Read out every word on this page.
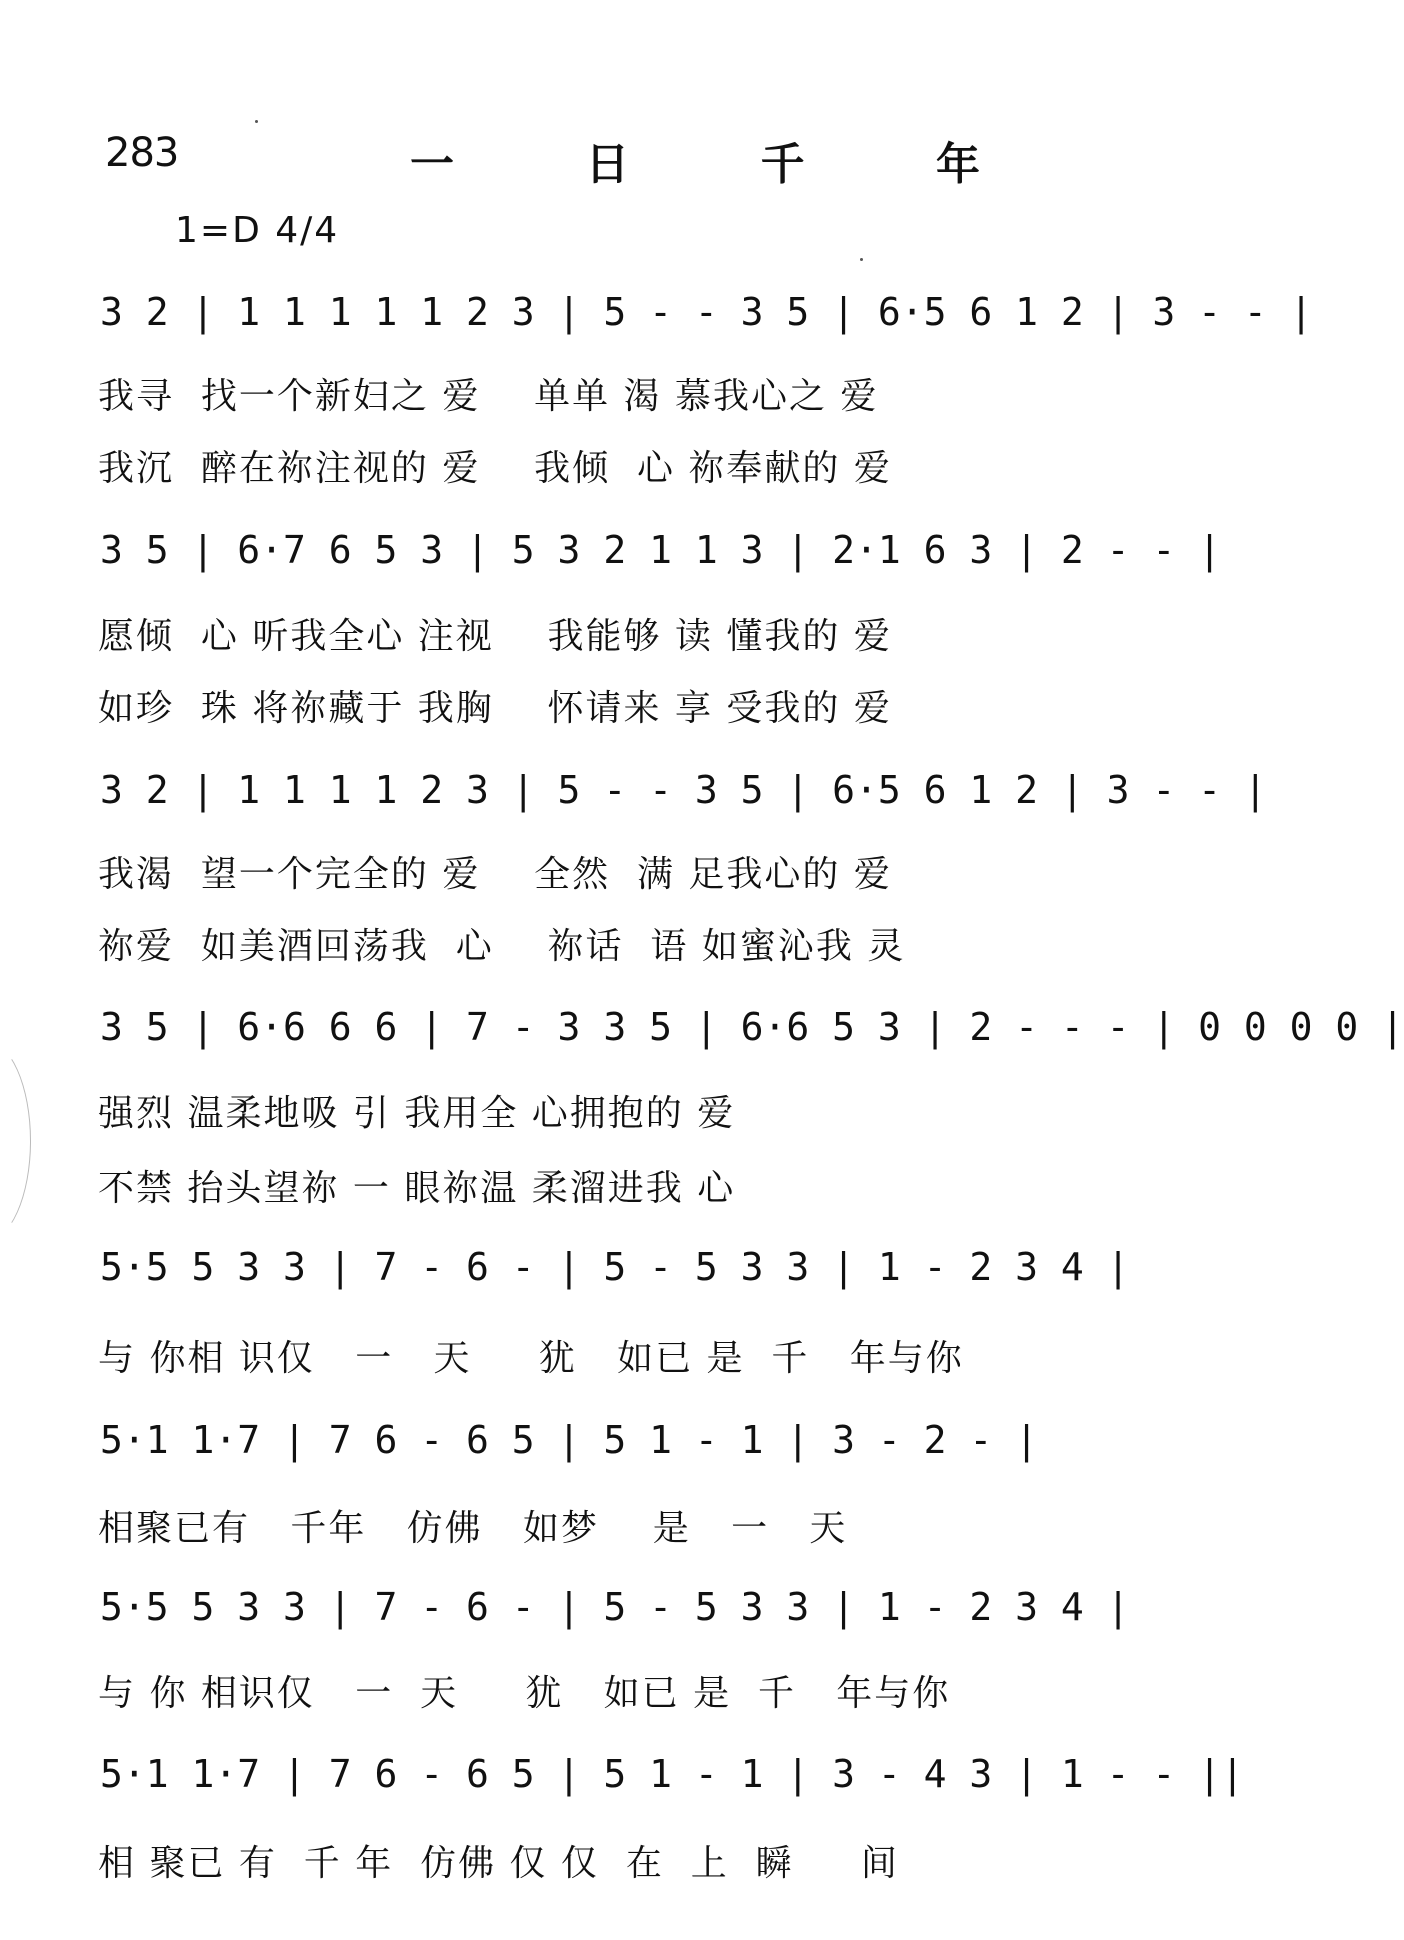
283	一 日 千 年
1=D 4/4
3 2 | 1 1 1 1 1 2 3 | 5 - - 3 5 | 6·5 6 1 2 | 3 - - |
我寻  找一个新妇之 爱    单单 渴 慕我心之 爱
我沉  醉在祢注视的 爱    我倾  心 祢奉献的 爱
3 5 | 6·7 6 5 3 | 5 3 2 1 1 3 | 2·1 6 3 | 2 - - |
愿倾  心 听我全心 注视    我能够 读 懂我的 爱
如珍  珠 将祢藏于 我胸    怀请来 享 受我的 爱
3 2 | 1 1 1 1 2 3 | 5 - - 3 5 | 6·5 6 1 2 | 3 - - |
我渴  望一个完全的 爱    全然  满 足我心的 爱
祢爱  如美酒回荡我  心    祢话  语 如蜜沁我 灵
3 5 | 6·6 6 6 | 7 - 3 3 5 | 6·6 5 3 | 2 - - - | 0 0 0 0 |
强烈 温柔地吸 引 我用全 心拥抱的 爱
不禁 抬头望祢 一 眼祢温 柔溜进我 心
5·5 5 3 3 | 7 - 6 - | 5 - 5 3 3 | 1 - 2 3 4 |
与 你相 识仅   一   天     犹   如已 是  千   年与你
5·1 1·7 | 7 6 - 6 5 | 5 1 - 1 | 3 - 2 - |
相聚已有   千年   仿佛   如梦    是   一   天
5·5 5 3 3 | 7 - 6 - | 5 - 5 3 3 | 1 - 2 3 4 |
与 你 相识仅   一  天     犹   如已 是  千   年与你
5·1 1·7 | 7 6 - 6 5 | 5 1 - 1 | 3 - 4 3 | 1 - - ||
相 聚已 有  千 年  仿佛 仅 仅  在  上  瞬     间
